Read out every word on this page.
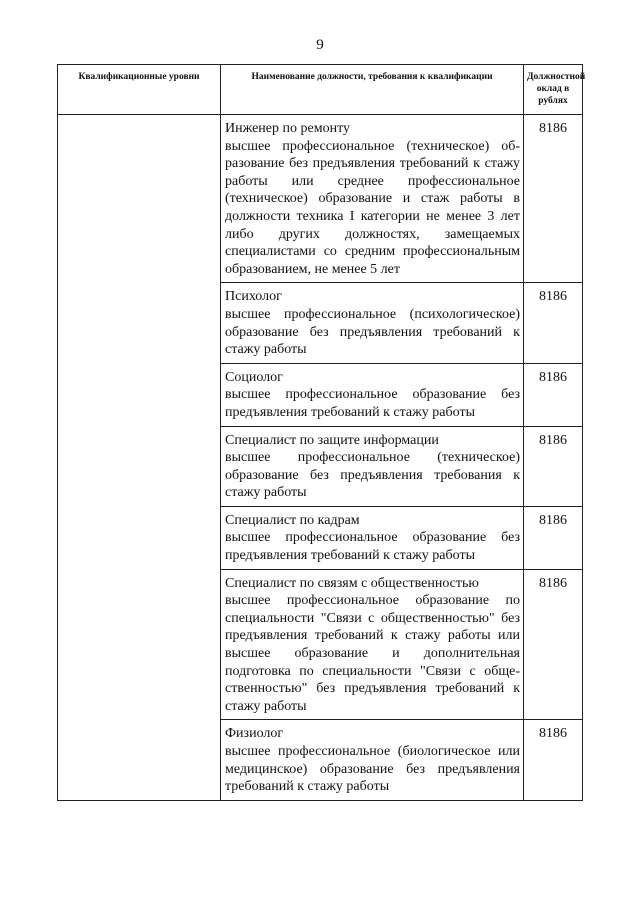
9
Квалификационные уровни	Наименование должности, требования к квалификации	Должностной оклад в рублях

	Инженер по ремонту
высшее профессиональное (техническое) образование без предъявления требований к стажу работы или среднее профессиональное (техническое) образование и стаж работы в должности техника I категории не менее 3 лет либо других должностях, замещаемых специалистами со средним профессиональным образованием, не менее 5 лет	8186

	Психолог
высшее профессиональное (психологическое) образование без предъявления требований к стажу работы	8186

	Социолог
высшее профессиональное образование без предъявления требований к стажу работы	8186

	Специалист по защите информации
высшее профессиональное (техническое) образование без предъявления требования к стажу работы	8186

	Специалист по кадрам
высшее профессиональное образование без предъявления требований к стажу работы	8186

	Специалист по связям с общественностью
высшее профессиональное образование по специальности "Связи с общественностью" без предъявления требований к стажу работы или высшее образование и дополнительная подготовка по специальности "Связи с общественностью" без предъявления требований к стажу работы	8186

	Физиолог
высшее профессиональное (биологическое или медицинское) образование без предъявления требований к стажу работы	8186
